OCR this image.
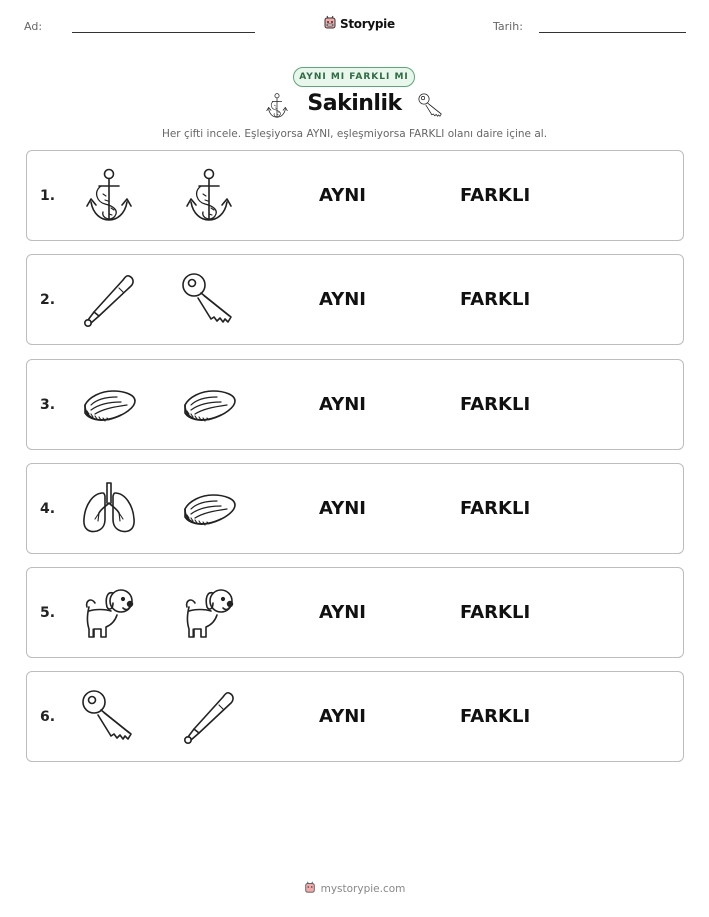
Ad:	Storypie	Tarih:
AYNI MI FARKLI MI
Sakinlik
Her çifti incele. Eşleşiyorsa AYNI, eşleşmiyorsa FARKLI olanı daire içine al.
1.	AYNI	FARKLI
2.	AYNI	FARKLI
3.	AYNI	FARKLI
4.	AYNI	FARKLI
5.	AYNI	FARKLI
6.	AYNI	FARKLI
mystorypie.com
